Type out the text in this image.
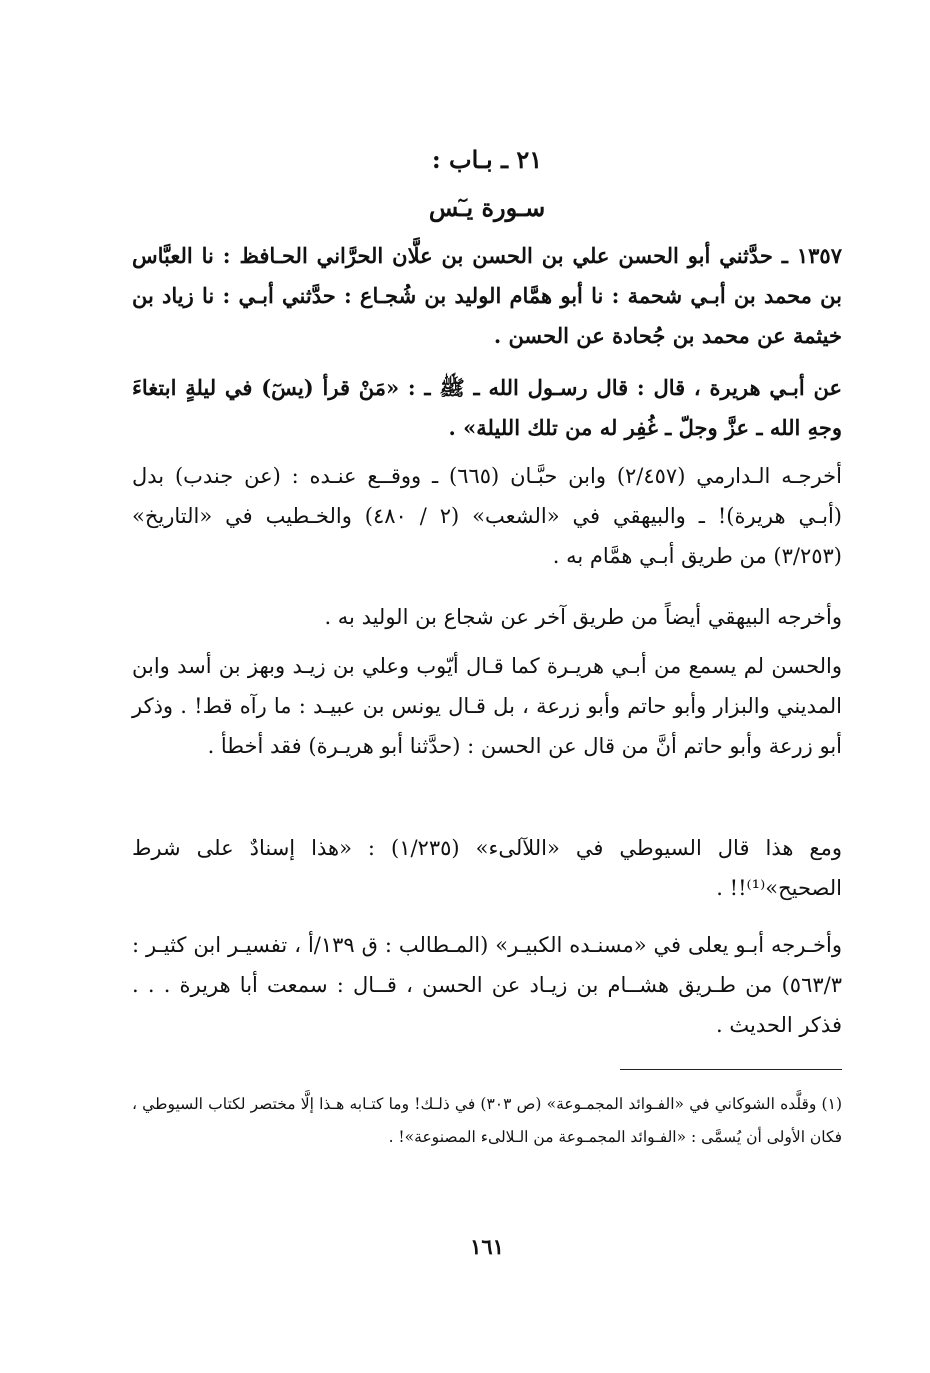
٢١ ـ بـاب :
سـورة يـٓس
١٣٥٧ ـ حدَّثني أبو الحسن علي بن الحسن بن علَّان الحرَّاني الحـافظ : نا العبَّاس بن محمد بن أبـي شحمة : نا أبو همَّام الوليد بن شُجـاع : حدَّثني أبـي : نا زياد بن خيثمة عن محمد بن جُحادة عن الحسن .
عن أبـي هريرة ، قال : قال رسـول الله ـ ﷺ ـ : «مَنْ قرأ (يسٓ) في ليلةٍ ابتغاءَ وجهِ الله ـ عزَّ وجلّ ـ غُفِر له من تلك الليلة» .
أخرجـه الـدارمي (٢/٤٥٧) وابن حبَّـان (٦٦٥) ـ ووقــع عنـده : (عن جندب) بدل (أبـي هريرة)! ـ والبيهقي في «الشعب» (٢ / ٤٨٠) والخـطيب في «التاريخ» (٣/٢٥٣) من طريق أبـي همَّام به .
وأخرجه البيهقي أيضاً من طريق آخر عن شجاع بن الوليد به .
والحسن لم يسمع من أبـي هريـرة كما قـال أيّوب وعلي بن زيـد وبهز بن أسد وابن المديني والبزار وأبو حاتم وأبو زرعة ، بل قـال يونس بن عبيـد : ما رآه قط! . وذكر أبو زرعة وأبو حاتم أنَّ من قال عن الحسن : (حدَّثنا أبو هريـرة) فقد أخطأ .
ومع هذا قال السيوطي في «اللآلىء» (١/٢٣٥) : «هذا إسنادٌ على شرط الصحيح»⁽¹⁾!! .
وأخـرجه أبـو يعلى في «مسنـده الكبيـر» (المـطالب : ق ١٣٩/أ ، تفسيـر ابن كثيـر : ٥٦٣/٣) من طـريق هشــام بن زيـاد عن الحسن ، قــال : سمعت أبا هريرة . . . فذكر الحديث .
(١) وقلَّده الشوكاني في «الفـوائد المجمـوعة» (ص ٣٠٣) في ذلـك! وما كتـابه هـذا إلَّا مختصر لكتاب السيوطي ، فكان الأولى أن يُسمَّى : «الفـوائد المجمـوعة من الـلالىء المصنوعة»! .
١٦١
